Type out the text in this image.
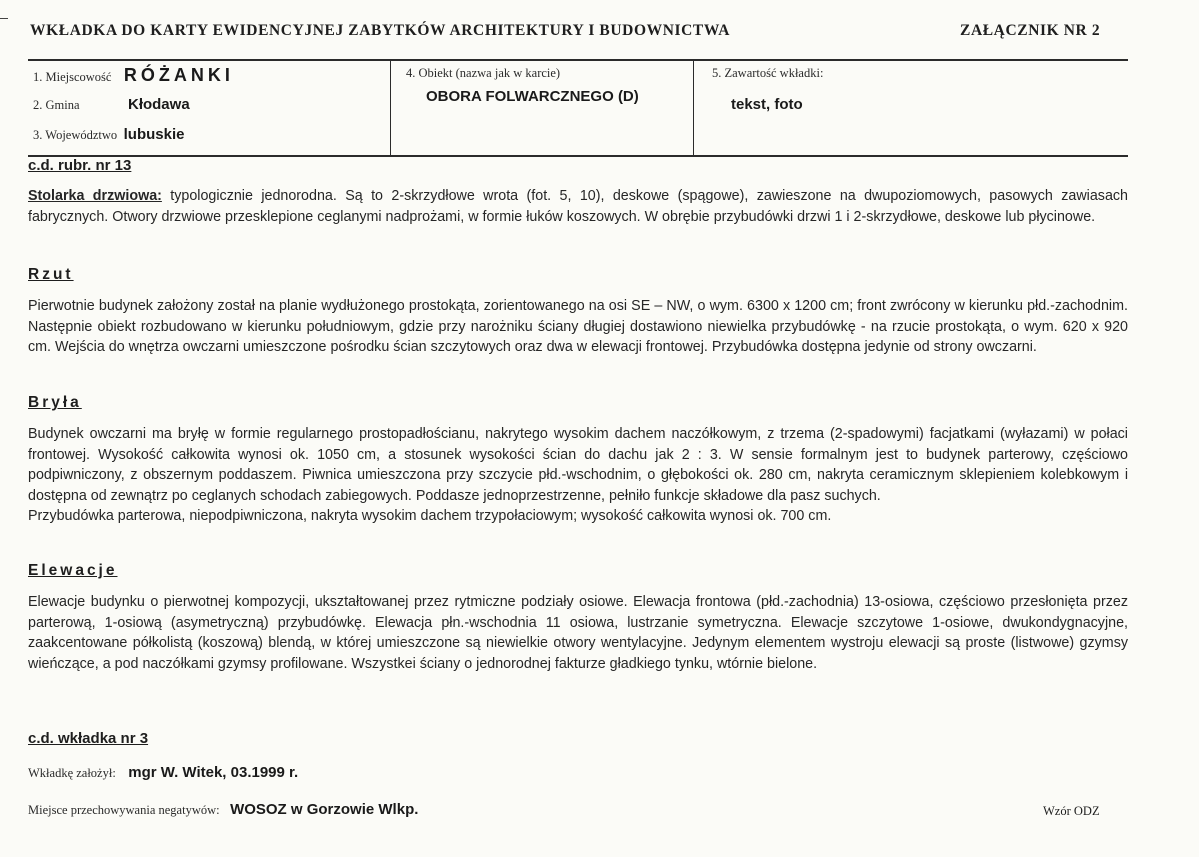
WKŁADKA DO KARTY EWIDENCYJNEJ ZABYTKÓW ARCHITEKTURY I BUDOWNICTWA	ZAŁĄCZNIK NR 2
1. Miejscowość RÓŻANKI
2. Gmina	Kłodawa
3. Województwo lubuskie
4. Obiekt (nazwa jak w karcie)
OBORA FOLWARCZNEGO (D)
5. Zawartość wkładki:
tekst, foto
c.d. rubr. nr 13
Stolarka drzwiowa: typologicznie jednorodna. Są to 2-skrzydłowe wrota (fot. 5, 10), deskowe (spągowe), zawieszone na dwupoziomowych, pasowych zawiasach fabrycznych. Otwory drzwiowe przesklepione ceglanymi nadprożami, w formie łuków koszowych. W obrębie przybudówki drzwi 1 i 2-skrzydłowe, deskowe lub płycinowe.
Rzut
Pierwotnie budynek założony został na planie wydłużonego prostokąta, zorientowanego na osi SE – NW, o wym. 6300 x 1200 cm; front zwrócony w kierunku płd.-zachodnim. Następnie obiekt rozbudowano w kierunku południowym, gdzie przy narożniku ściany długiej dostawiono niewielka przybudówkę - na rzucie prostokąta, o wym. 620 x 920 cm. Wejścia do wnętrza owczarni umieszczone pośrodku ścian szczytowych oraz dwa w elewacji frontowej. Przybudówka dostępna jedynie od strony owczarni.
Bryła
Budynek owczarni ma bryłę w formie regularnego prostopadłościanu, nakrytego wysokim dachem naczółkowym, z trzema (2-spadowymi) facjatkami (wyłazami) w połaci frontowej. Wysokość całkowita wynosi ok. 1050 cm, a stosunek wysokości ścian do dachu jak 2 : 3. W sensie formalnym jest to budynek parterowy, częściowo podpiwniczony, z obszernym poddaszem. Piwnica umieszczona przy szczycie płd.-wschodnim, o głębokości ok. 280 cm, nakryta ceramicznym sklepieniem kolebkowym i dostępna od zewnątrz po ceglanych schodach zabiegowych. Poddasze jednoprzestrzenne, pełniło funkcje składowe dla pasz suchych.
Przybudówka parterowa, niepodpiwniczona, nakryta wysokim dachem trzypołaciowym; wysokość całkowita wynosi ok. 700 cm.
Elewacje
Elewacje budynku o pierwotnej kompozycji, ukształtowanej przez rytmiczne podziały osiowe. Elewacja frontowa (płd.-zachodnia) 13-osiowa, częściowo przesłonięta przez parterową, 1-osiową (asymetryczną) przybudówkę. Elewacja płn.-wschodnia 11 osiowa, lustrzanie symetryczna. Elewacje szczytowe 1-osiowe, dwukondygnacyjne, zaakcentowane półkolistą (koszową) blendą, w której umieszczone są niewielkie otwory wentylacyjne. Jedynym elementem wystroju elewacji są proste (listwowe) gzymsy wieńczące, a pod naczółkami gzymsy profilowane. Wszystkei ściany o jednorodnej fakturze gładkiego tynku, wtórnie bielone.
c.d. wkładka nr 3
Wkładkę założył: mgr W. Witek, 03.1999 r.
Miejsce przechowywania negatywów: WOSOZ w Gorzowie Wlkp.	Wzór ODZ
